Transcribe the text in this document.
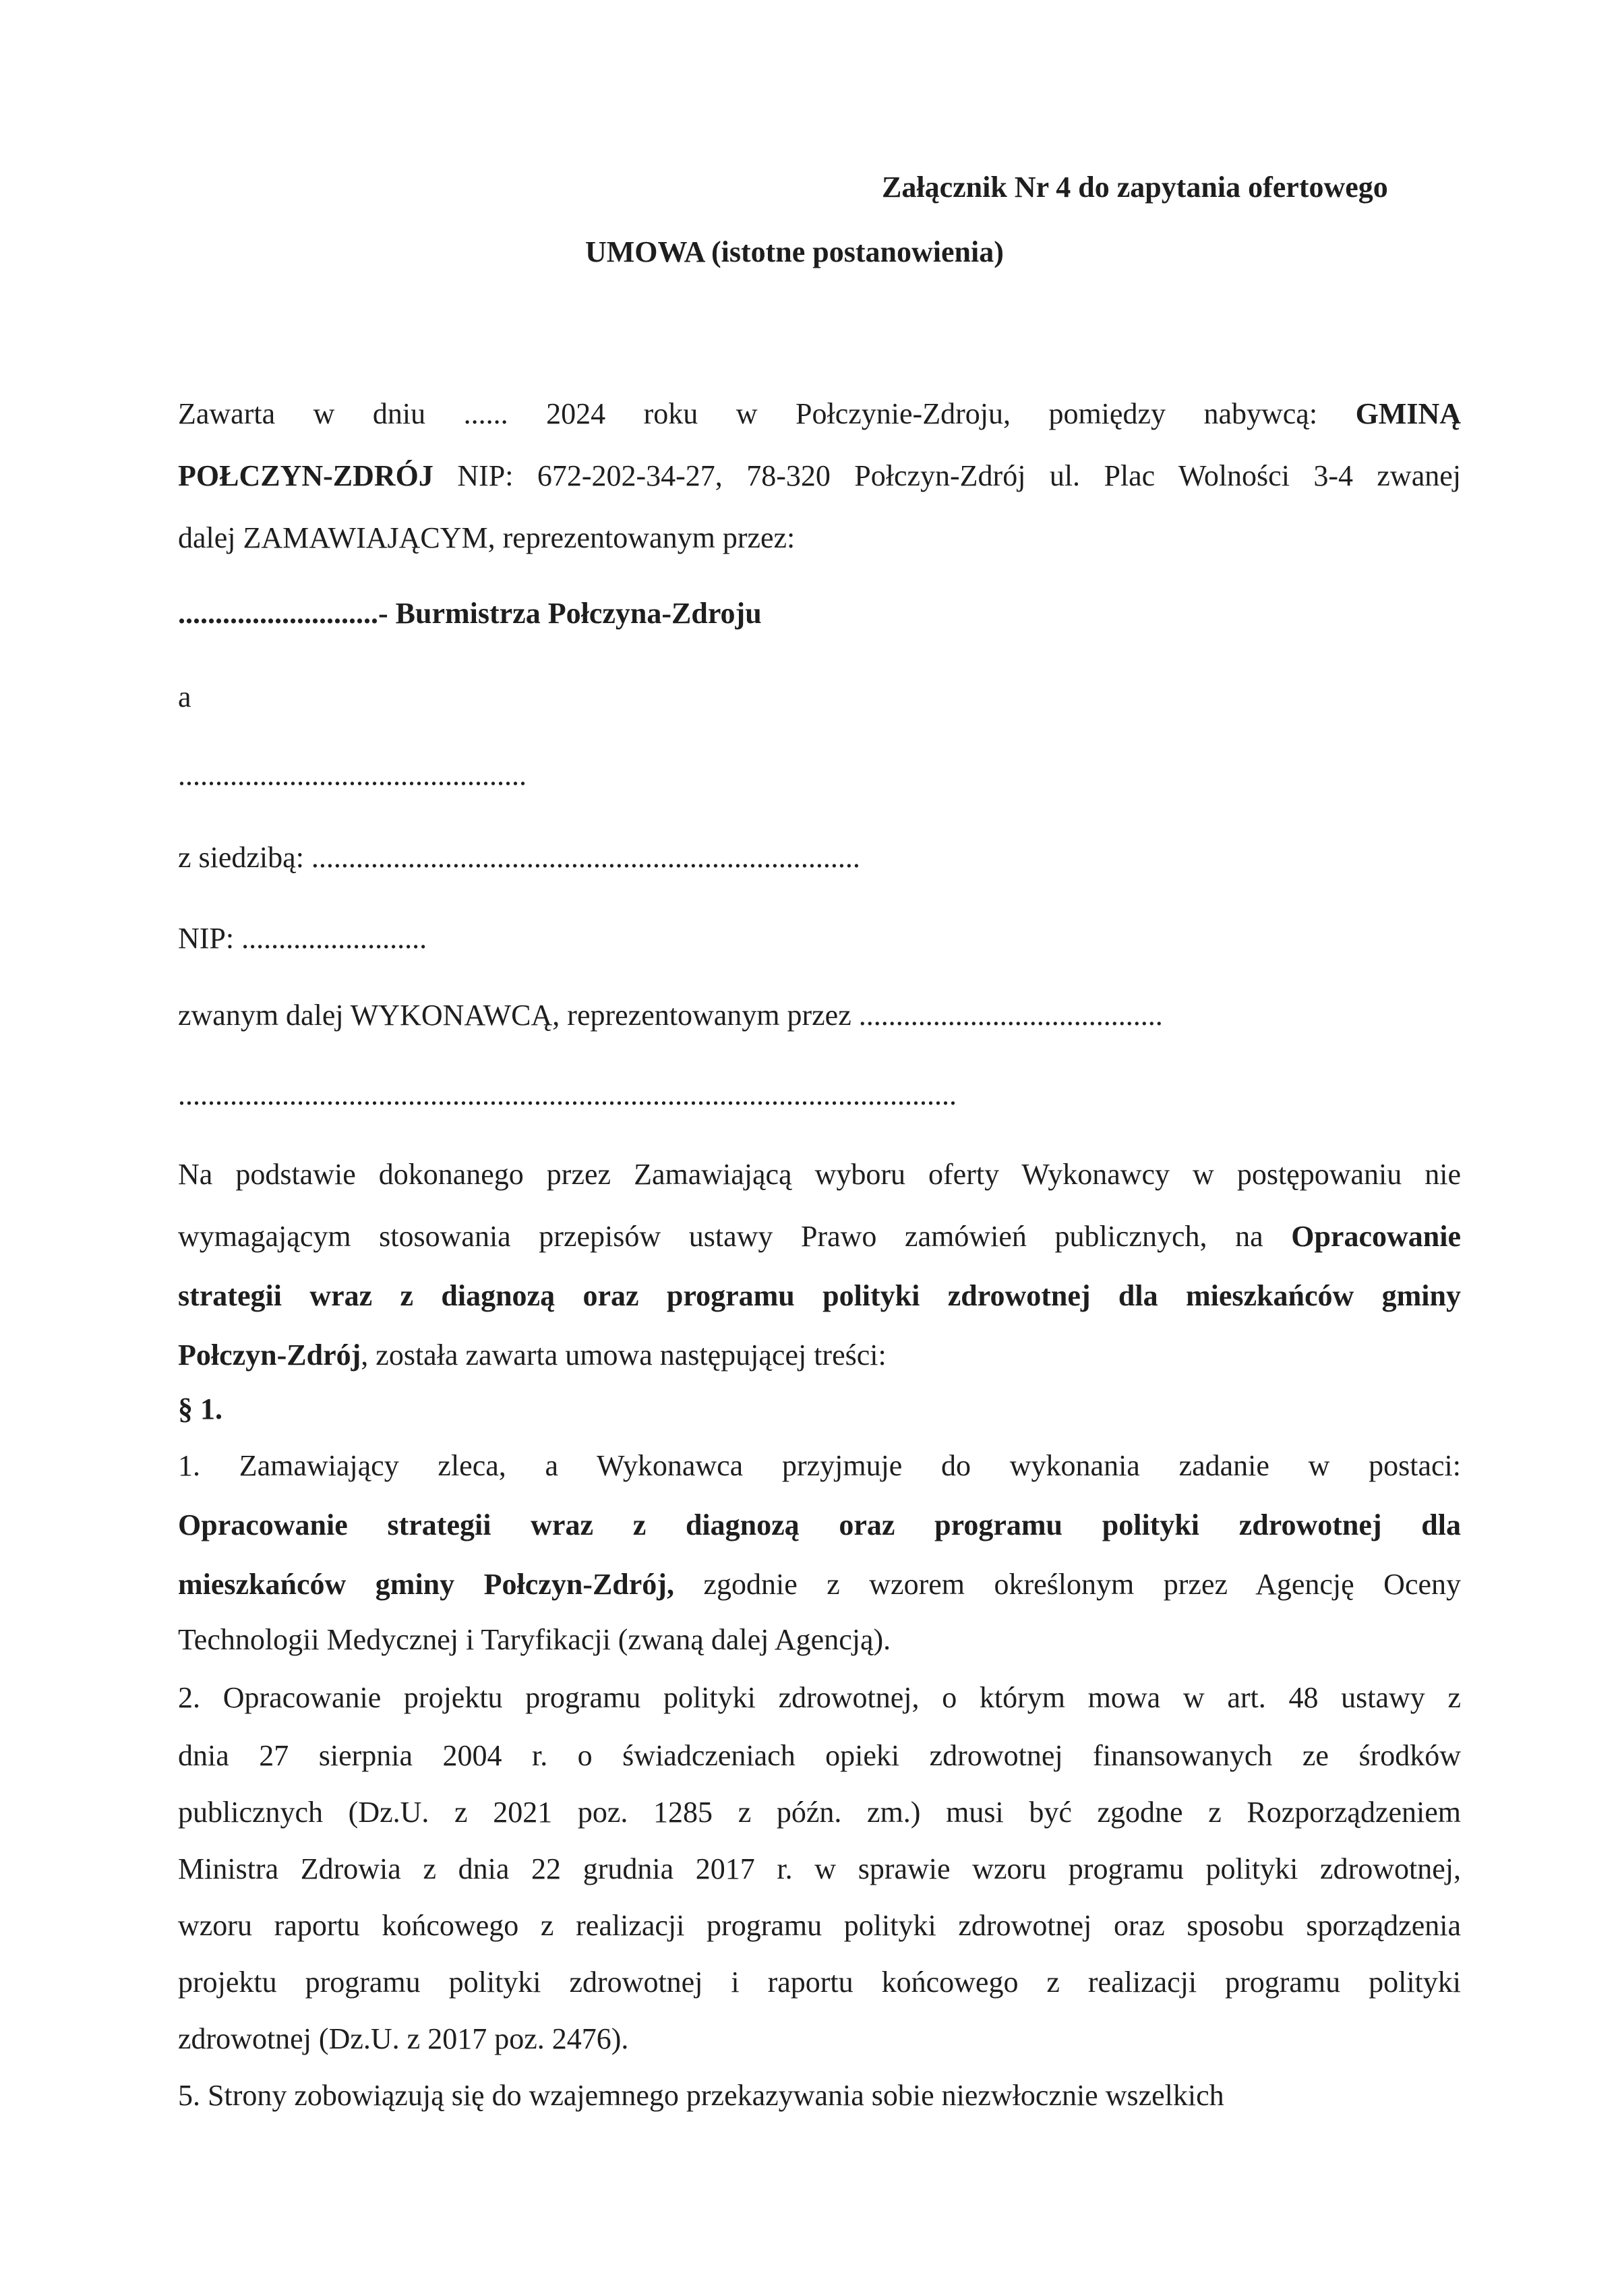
Załącznik Nr 4 do zapytania ofertowego
UMOWA (istotne postanowienia)
Zawarta w dniu ...... 2024 roku w Połczynie-Zdroju, pomiędzy nabywcą: GMINĄ
POŁCZYN-ZDRÓJ NIP: 672-202-34-27, 78-320 Połczyn-Zdrój ul. Plac Wolności 3-4 zwanej
dalej ZAMAWIAJĄCYM, reprezentowanym przez:
...........................- Burmistrza Połczyna-Zdroju
a
...............................................
z siedzibą: ..........................................................................
NIP: .........................
zwanym dalej WYKONAWCĄ, reprezentowanym przez .........................................
.........................................................................................................
Na podstawie dokonanego przez Zamawiającą wyboru oferty Wykonawcy w postępowaniu nie
wymagającym stosowania przepisów ustawy Prawo zamówień publicznych, na Opracowanie
strategii wraz z diagnozą oraz programu polityki zdrowotnej dla mieszkańców gminy
Połczyn-Zdrój, została zawarta umowa następującej treści:
§ 1.
1. Zamawiający zleca, a Wykonawca przyjmuje do wykonania zadanie w postaci:
Opracowanie strategii wraz z diagnozą oraz programu polityki zdrowotnej dla
mieszkańców gminy Połczyn-Zdrój, zgodnie z wzorem określonym przez Agencję Oceny
Technologii Medycznej i Taryfikacji (zwaną dalej Agencją).
2. Opracowanie projektu programu polityki zdrowotnej, o którym mowa w art. 48 ustawy z
dnia 27 sierpnia 2004 r. o świadczeniach opieki zdrowotnej finansowanych ze środków
publicznych (Dz.U. z 2021 poz. 1285 z późn. zm.) musi być zgodne z Rozporządzeniem
Ministra Zdrowia z dnia 22 grudnia 2017 r. w sprawie wzoru programu polityki zdrowotnej,
wzoru raportu końcowego z realizacji programu polityki zdrowotnej oraz sposobu sporządzenia
projektu programu polityki zdrowotnej i raportu końcowego z realizacji programu polityki
zdrowotnej (Dz.U. z 2017 poz. 2476).
5. Strony zobowiązują się do wzajemnego przekazywania sobie niezwłocznie wszelkich
